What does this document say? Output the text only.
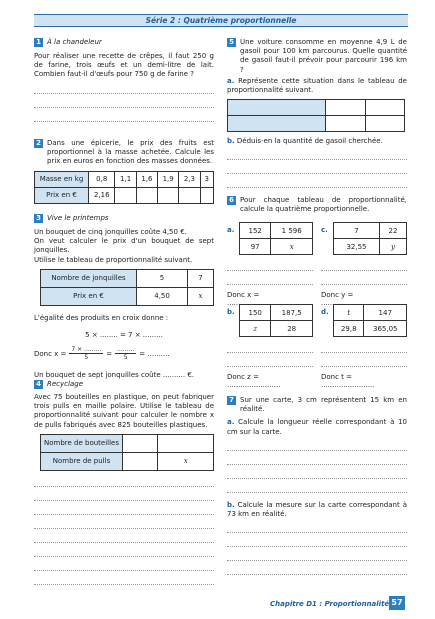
Série 2 : Quatrième proportionnelle
1 À la chandeleur

Pour réaliser une recette de crêpes, il faut 250 g de farine, trois œufs et un demi-litre de lait. Combien faut-il d'œufs pour 750 g de farine ?

2 Dans une épicerie, le prix des fruits est proportionnel à la masse achetée. Calcule les prix en euros en fonction des masses données.

Masse en kg	0,8	1,1	1,6	1,9	2,3	3
Prix en €	2,16					
3 Vive le printemps

Un bouquet de cinq jonquilles coûte 4,50 €.

On veut calculer le prix d'un bouquet de sept jonquilles.

Utilise le tableau de proportionnalité suivant.

Nombre de jonquilles	5	7
Prix en €	4,50	x

L'égalité des produits en croix donne :

5 × ........ = 7 × .........
Donc $x = \frac{7 \times .........}{5} = \frac{.........}{5}$ = ..........

Un bouquet de sept jonquilles coûte .......... €.

4 Recyclage

Avec 75 bouteilles en plastique, on peut fabriquer trois pulls en maille polaire. Utilise le tableau de proportionnalité suivant pour calculer le nombre x de pulls fabriqués avec 825 bouteilles plastiques.

Nombre de bouteilles		
Nombre de pulls		x
5 Une voiture consomme en moyenne 4,9 L de gasoil pour 100 km parcourus. Quelle quantité de gasoil faut-il prévoir pour parcourir 196 km ?

a. Représente cette situation dans le tableau de proportionnalité suivant.

b. Déduis-en la quantité de gasoil cherchée.

6 Pour chaque tableau de proportionnalité, calcule la quatrième proportionnelle.

a. 152	1 596
97	x
Donc x = ........................
c.	7	22
32,55	y
Donc y = ........................
b. 150	187,5
z	28
Donc z = ........................
d.	t	147
29,8	365,05
Donc t = ........................
7 Sur une carte, 3 cm représentent 15 km en réalité.

a. Calcule la longueur réelle correspondant à 10 cm sur la carte.

b. Calcule la mesure sur la carte correspondant à 73 km en réalité.

Chapitre D1 : Proportionnalité 57
